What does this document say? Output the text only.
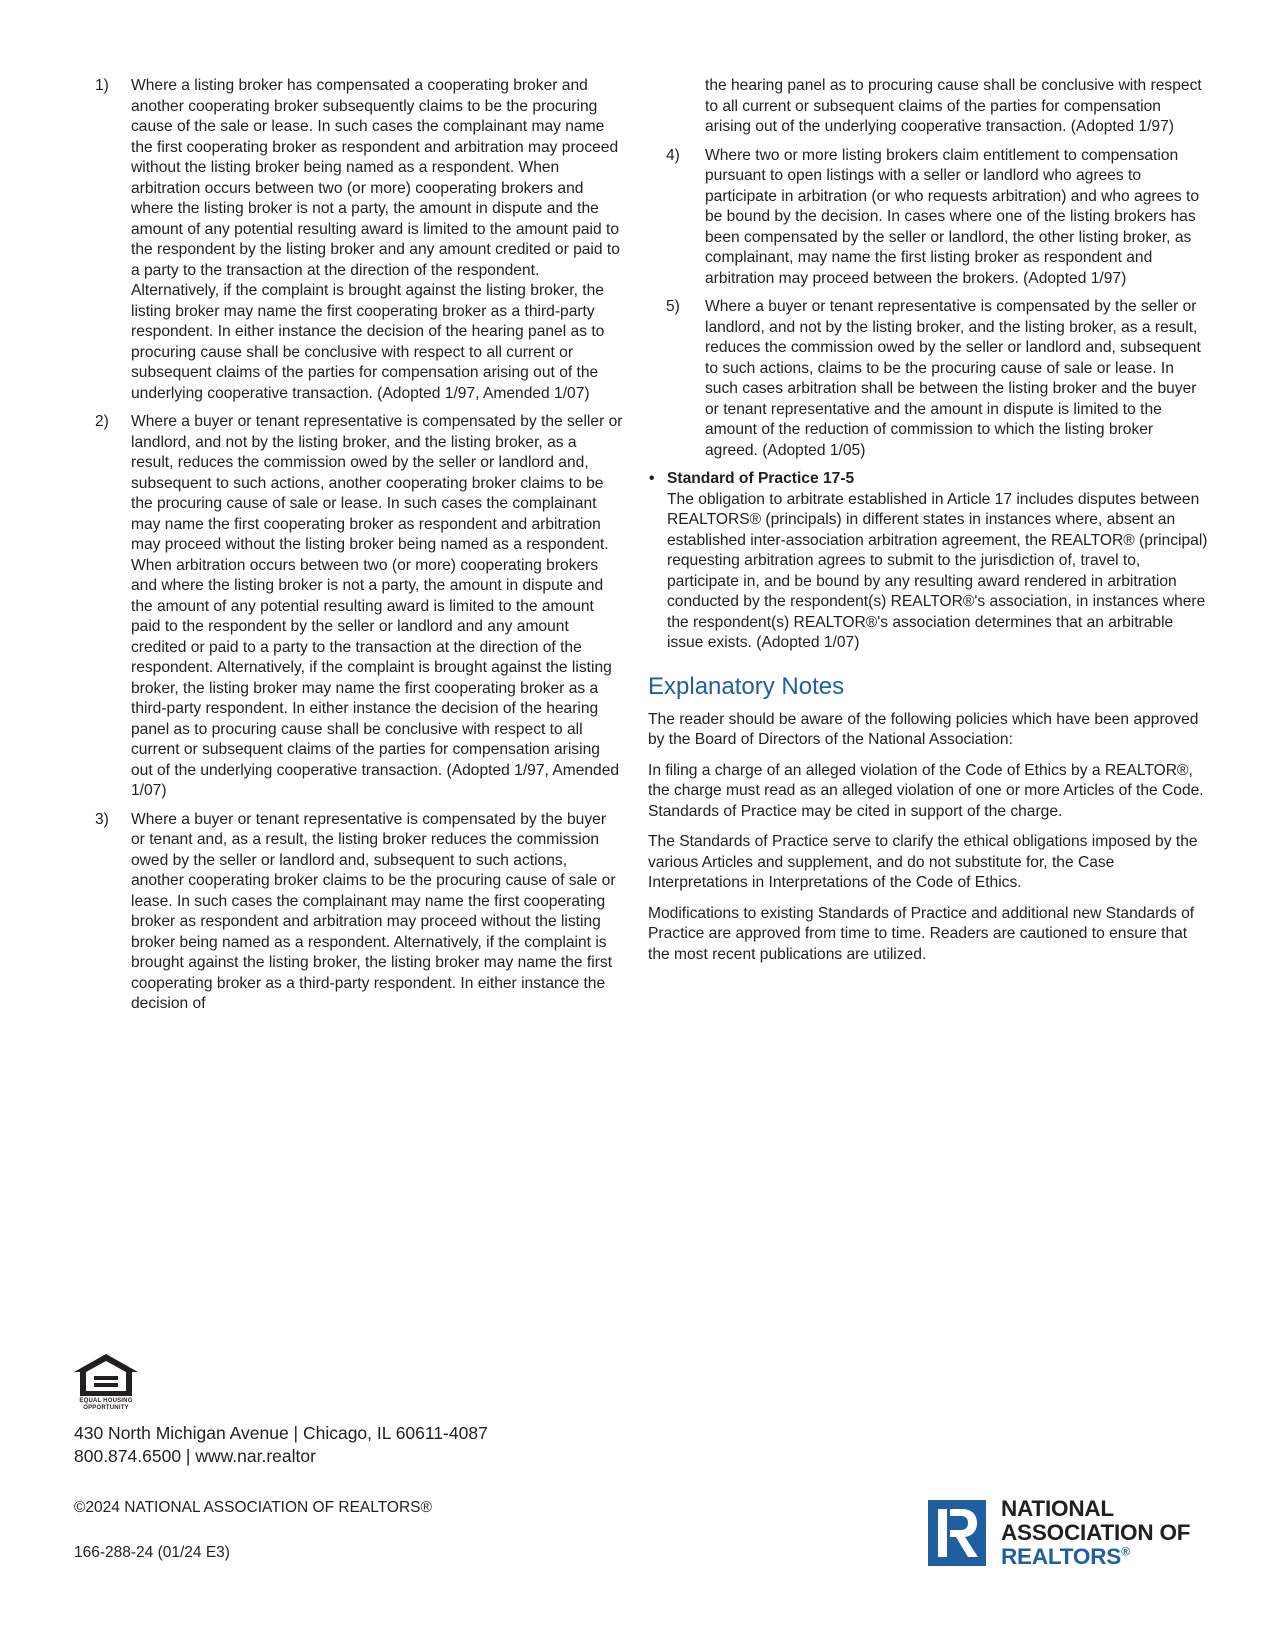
1) Where a listing broker has compensated a cooperating broker and another cooperating broker subsequently claims to be the procuring cause of the sale or lease. In such cases the complainant may name the first cooperating broker as respondent and arbitration may proceed without the listing broker being named as a respondent. When arbitration occurs between two (or more) cooperating brokers and where the listing broker is not a party, the amount in dispute and the amount of any potential resulting award is limited to the amount paid to the respondent by the listing broker and any amount credited or paid to a party to the transaction at the direction of the respondent. Alternatively, if the complaint is brought against the listing broker, the listing broker may name the first cooperating broker as a third-party respondent. In either instance the decision of the hearing panel as to procuring cause shall be conclusive with respect to all current or subsequent claims of the parties for compensation arising out of the underlying cooperative transaction. (Adopted 1/97, Amended 1/07)
2) Where a buyer or tenant representative is compensated by the seller or landlord, and not by the listing broker, and the listing broker, as a result, reduces the commission owed by the seller or landlord and, subsequent to such actions, another cooperating broker claims to be the procuring cause of sale or lease. In such cases the complainant may name the first cooperating broker as respondent and arbitration may proceed without the listing broker being named as a respondent. When arbitration occurs between two (or more) cooperating brokers and where the listing broker is not a party, the amount in dispute and the amount of any potential resulting award is limited to the amount paid to the respondent by the seller or landlord and any amount credited or paid to a party to the transaction at the direction of the respondent. Alternatively, if the complaint is brought against the listing broker, the listing broker may name the first cooperating broker as a third-party respondent. In either instance the decision of the hearing panel as to procuring cause shall be conclusive with respect to all current or subsequent claims of the parties for compensation arising out of the underlying cooperative transaction. (Adopted 1/97, Amended 1/07)
3) Where a buyer or tenant representative is compensated by the buyer or tenant and, as a result, the listing broker reduces the commission owed by the seller or landlord and, subsequent to such actions, another cooperating broker claims to be the procuring cause of sale or lease. In such cases the complainant may name the first cooperating broker as respondent and arbitration may proceed without the listing broker being named as a respondent. Alternatively, if the complaint is brought against the listing broker, the listing broker may name the first cooperating broker as a third-party respondent. In either instance the decision of
the hearing panel as to procuring cause shall be conclusive with respect to all current or subsequent claims of the parties for compensation arising out of the underlying cooperative transaction. (Adopted 1/97)
4) Where two or more listing brokers claim entitlement to compensation pursuant to open listings with a seller or landlord who agrees to participate in arbitration (or who requests arbitration) and who agrees to be bound by the decision. In cases where one of the listing brokers has been compensated by the seller or landlord, the other listing broker, as complainant, may name the first listing broker as respondent and arbitration may proceed between the brokers. (Adopted 1/97)
5) Where a buyer or tenant representative is compensated by the seller or landlord, and not by the listing broker, and the listing broker, as a result, reduces the commission owed by the seller or landlord and, subsequent to such actions, claims to be the procuring cause of sale or lease. In such cases arbitration shall be between the listing broker and the buyer or tenant representative and the amount in dispute is limited to the amount of the reduction of commission to which the listing broker agreed. (Adopted 1/05)
• Standard of Practice 17-5
The obligation to arbitrate established in Article 17 includes disputes between REALTORS® (principals) in different states in instances where, absent an established inter-association arbitration agreement, the REALTOR® (principal) requesting arbitration agrees to submit to the jurisdiction of, travel to, participate in, and be bound by any resulting award rendered in arbitration conducted by the respondent(s) REALTOR®'s association, in instances where the respondent(s) REALTOR®'s association determines that an arbitrable issue exists. (Adopted 1/07)
Explanatory Notes

The reader should be aware of the following policies which have been approved by the Board of Directors of the National Association:

In filing a charge of an alleged violation of the Code of Ethics by a REALTOR®, the charge must read as an alleged violation of one or more Articles of the Code. Standards of Practice may be cited in support of the charge.

The Standards of Practice serve to clarify the ethical obligations imposed by the various Articles and supplement, and do not substitute for, the Case Interpretations in Interpretations of the Code of Ethics.

Modifications to existing Standards of Practice and additional new Standards of Practice are approved from time to time. Readers are cautioned to ensure that the most recent publications are utilized.

EQUAL HOUSING
OPPORTUNITY
430 North Michigan Avenue | Chicago, IL 60611-4087
800.874.6500 | www.nar.realtor
©2024 NATIONAL ASSOCIATION OF REALTORS®
166-288-24 (01/24 E3)
NATIONAL
ASSOCIATION OF
REALTORS®
